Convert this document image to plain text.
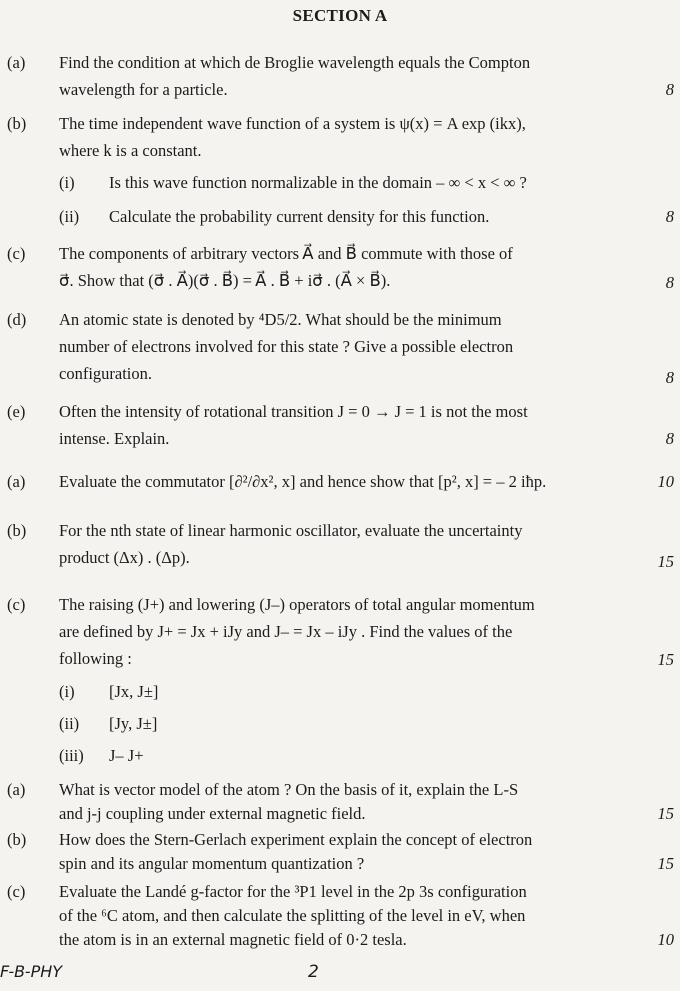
SECTION A
(a) Find the condition at which de Broglie wavelength equals the Compton
wavelength for a particle.	8
(b) The time independent wave function of a system is ψ(x) = A exp (ikx),
where k is a constant.
8
(i) Is this wave function normalizable in the domain – ∞ < x < ∞ ?
(ii) Calculate the probability current density for this function.
(c) The components of arbitrary vectors A⃗ and B⃗ commute with those of
σ⃗. Show that (σ⃗ . A⃗)(σ⃗ . B⃗) = A⃗ . B⃗ + iσ⃗ . (A⃗ × B⃗).	8
(d) An atomic state is denoted by ⁴D5/2. What should be the minimum
number of electrons involved for this state ? Give a possible electron
configuration.	8
(e) Often the intensity of rotational transition J = 0 → J = 1 is not the most
intense. Explain.	8
(a) Evaluate the commutator [∂²/∂x², x] and hence show that [p², x] = – 2 iħp.	10
(b) For the nth state of linear harmonic oscillator, evaluate the uncertainty
product (Δx) . (Δp).	15
(c) The raising (J+) and lowering (J–) operators of total angular momentum
are defined by J+ = Jx + iJy and J– = Jx – iJy . Find the values of the
following :	15
(i) [Jx, J±]
(ii) [Jy, J±]
(iii) J– J+
(a) What is vector model of the atom ? On the basis of it, explain the L-S
and j-j coupling under external magnetic field.	15
(b) How does the Stern-Gerlach experiment explain the concept of electron
spin and its angular momentum quantization ?	15
(c) Evaluate the Landé g-factor for the ³P1 level in the 2p 3s configuration
of the ⁶C atom, and then calculate the splitting of the level in eV, when
the atom is in an external magnetic field of 0·2 tesla.	10
F-B-PHY	2
